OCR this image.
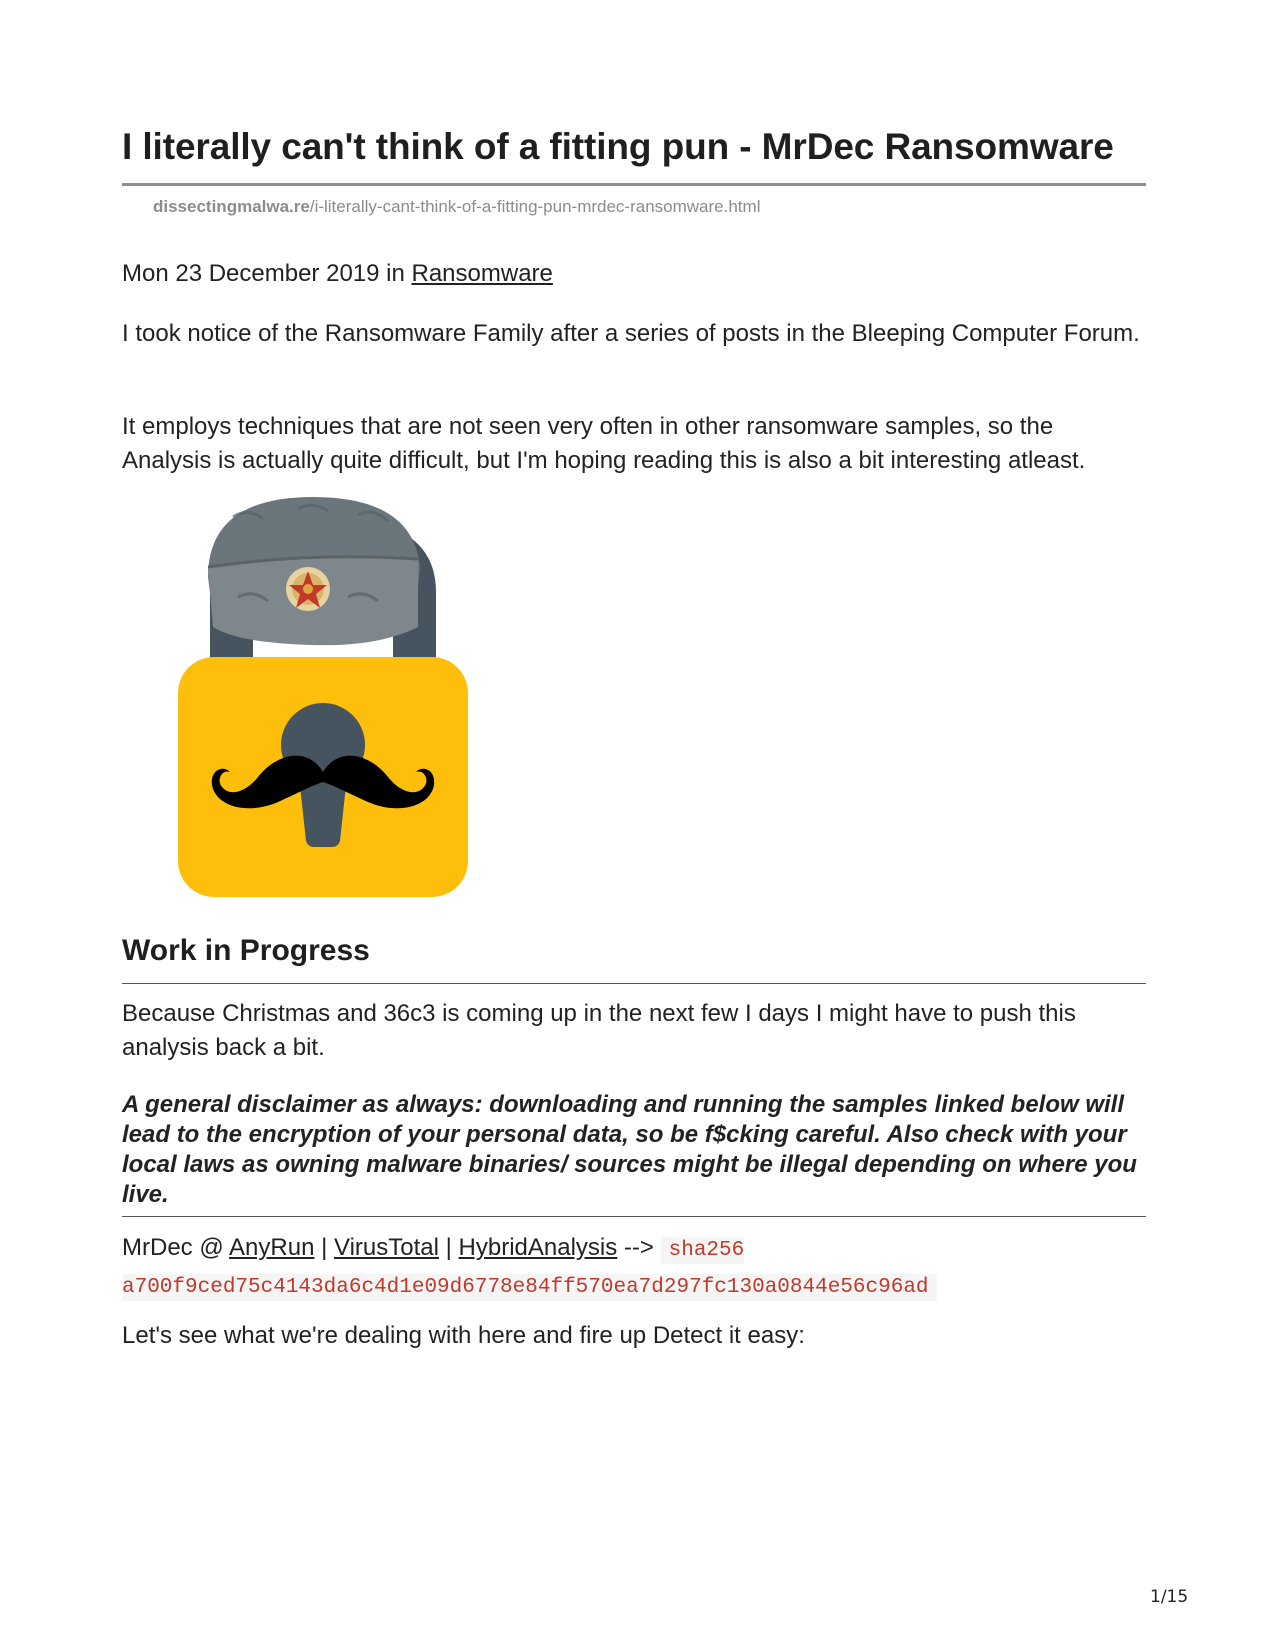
I literally can't think of a fitting pun - MrDec Ransomware
dissectingmalwa.re/i-literally-cant-think-of-a-fitting-pun-mrdec-ransomware.html
Mon 23 December 2019 in Ransomware

I took notice of the Ransomware Family after a series of posts in the Bleeping Computer Forum.

It employs techniques that are not seen very often in other ransomware samples, so the Analysis is actually quite difficult, but I'm hoping reading this is also a bit interesting atleast.

Work in Progress

Because Christmas and 36c3 is coming up in the next few I days I might have to push this analysis back a bit.

A general disclaimer as always: downloading and running the samples linked below will lead to the encryption of your personal data, so be f$cking careful. Also check with your local laws as owning malware binaries/ sources might be illegal depending on where you live.

MrDec @ AnyRun | VirusTotal | HybridAnalysis --> sha256 a700f9ced75c4143da6c4d1e09d6778e84ff570ea7d297fc130a0844e56c96ad

Let's see what we're dealing with here and fire up Detect it easy:

1/15
